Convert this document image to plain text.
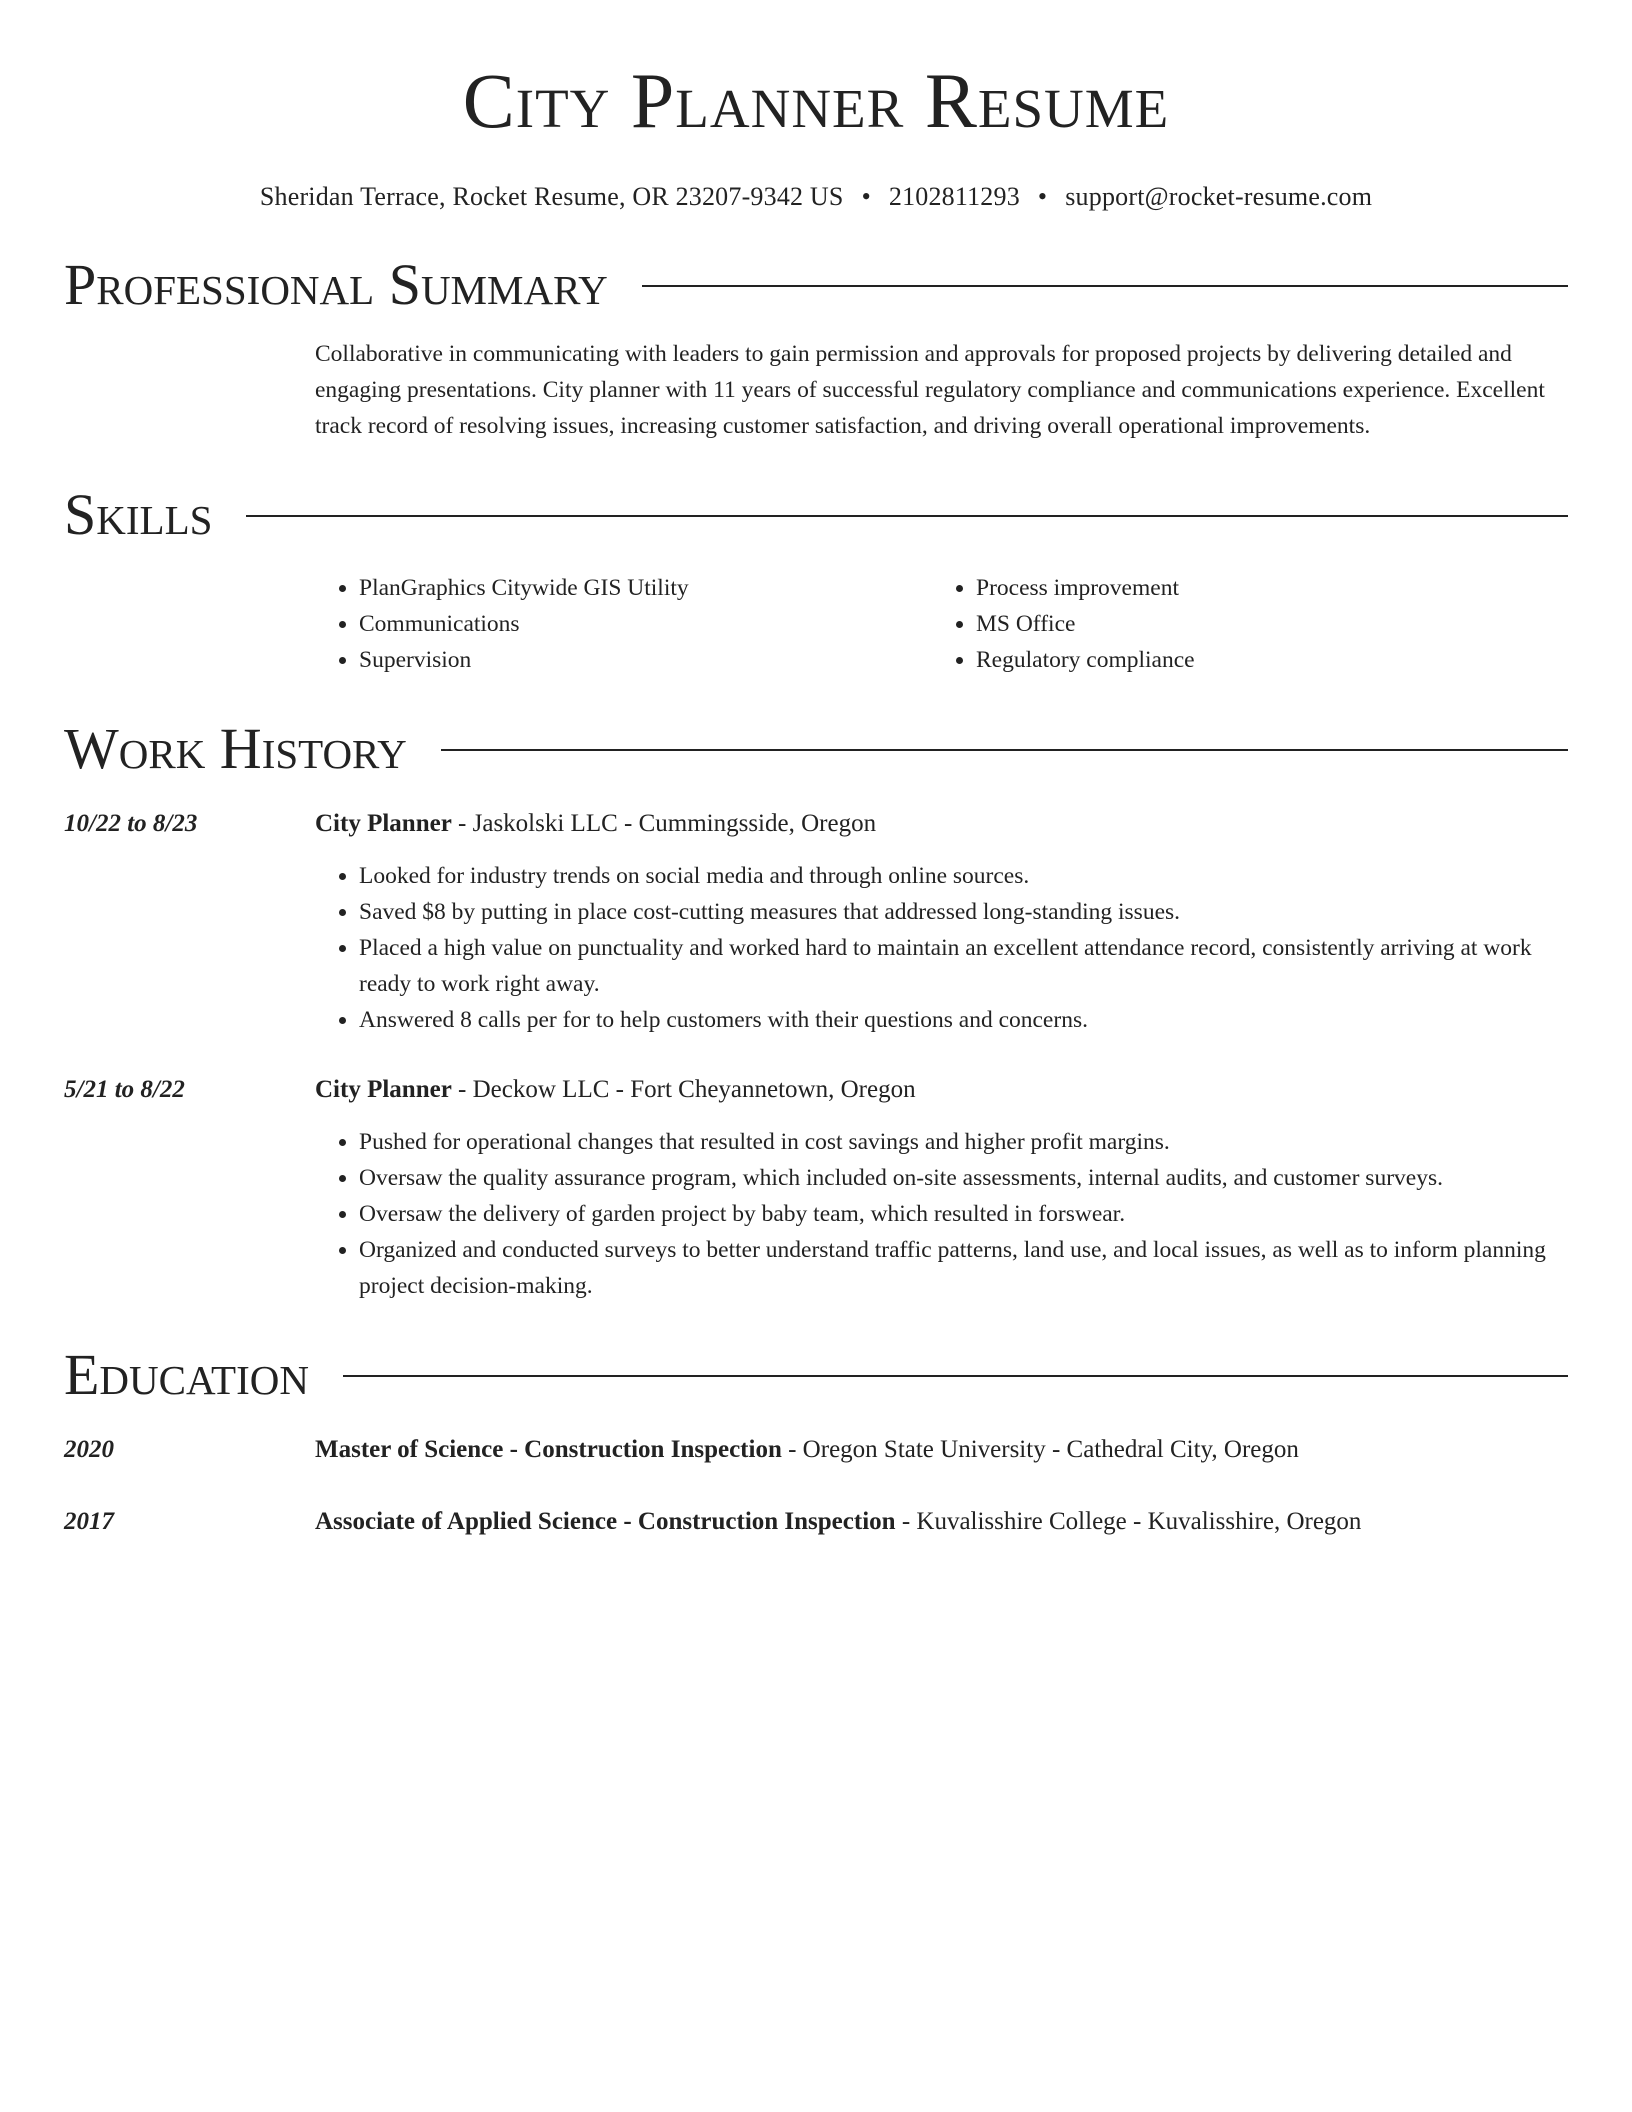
City Planner Resume
Sheridan Terrace, Rocket Resume, OR 23207-9342 US • 2102811293 • support@rocket-resume.com
Professional Summary
Collaborative in communicating with leaders to gain permission and approvals for proposed projects by delivering detailed and engaging presentations. City planner with 11 years of successful regulatory compliance and communications experience. Excellent track record of resolving issues, increasing customer satisfaction, and driving overall operational improvements.
Skills
• PlanGraphics Citywide GIS Utility
• Communications
• Supervision
• Process improvement
• MS Office
• Regulatory compliance
Work History
10/22 to 8/23	City Planner - Jaskolski LLC - Cummingsside, Oregon
• Looked for industry trends on social media and through online sources.
• Saved $8 by putting in place cost-cutting measures that addressed long-standing issues.
• Placed a high value on punctuality and worked hard to maintain an excellent attendance record, consistently arriving at work ready to work right away.
• Answered 8 calls per for to help customers with their questions and concerns.
5/21 to 8/22	City Planner - Deckow LLC - Fort Cheyannetown, Oregon
• Pushed for operational changes that resulted in cost savings and higher profit margins.
• Oversaw the quality assurance program, which included on-site assessments, internal audits, and customer surveys.
• Oversaw the delivery of garden project by baby team, which resulted in forswear.
• Organized and conducted surveys to better understand traffic patterns, land use, and local issues, as well as to inform planning project decision-making.
Education
2020	Master of Science - Construction Inspection - Oregon State University - Cathedral City, Oregon
2017	Associate of Applied Science - Construction Inspection - Kuvalisshire College - Kuvalisshire, Oregon
